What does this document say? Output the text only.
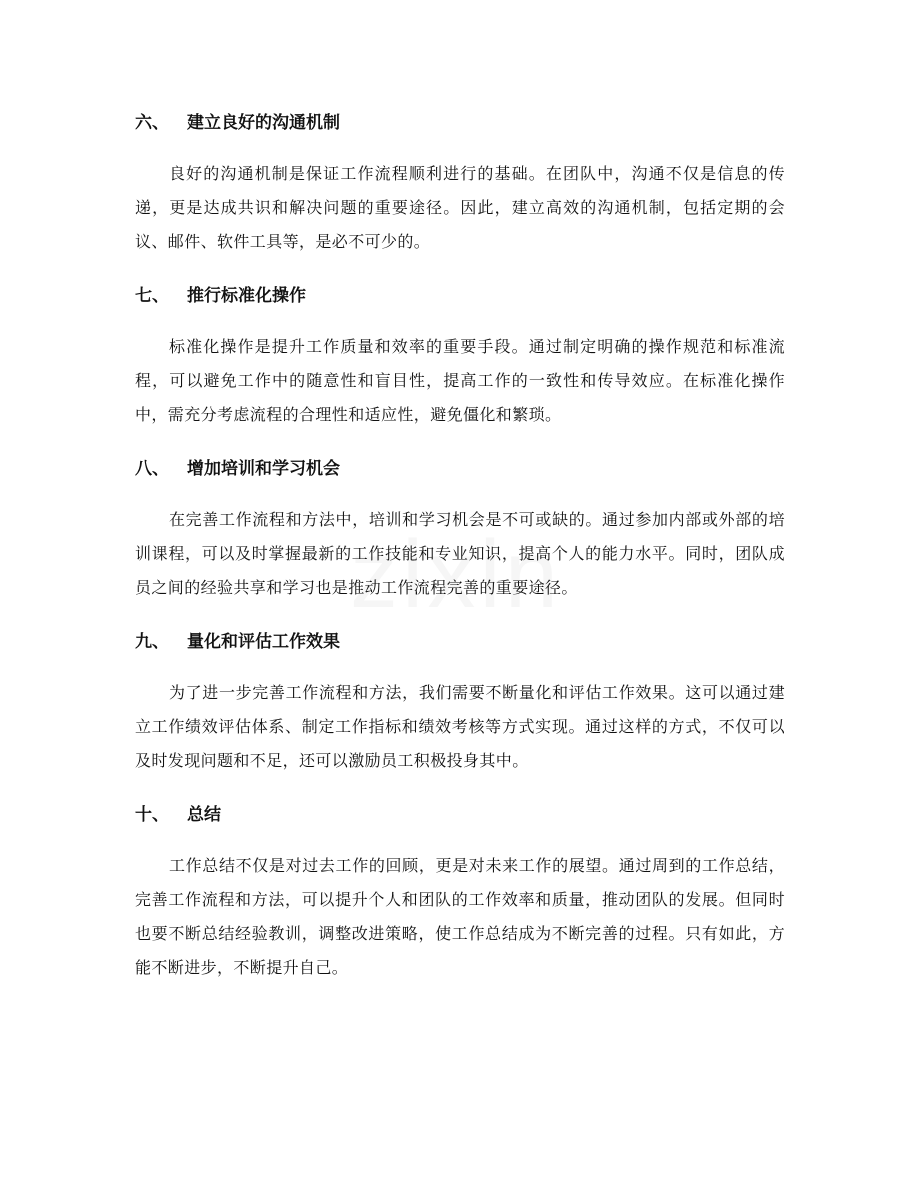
六、	建立良好的沟通机制

良好的沟通机制是保证工作流程顺利进行的基础。在团队中，沟通不仅是信息的传递，更是达成共识和解决问题的重要途径。因此，建立高效的沟通机制，包括定期的会议、邮件、软件工具等，是必不可少的。

七、	推行标准化操作

标准化操作是提升工作质量和效率的重要手段。通过制定明确的操作规范和标准流程，可以避免工作中的随意性和盲目性，提高工作的一致性和传导效应。在标准化操作中，需充分考虑流程的合理性和适应性，避免僵化和繁琐。

八、	增加培训和学习机会

在完善工作流程和方法中，培训和学习机会是不可或缺的。通过参加内部或外部的培训课程，可以及时掌握最新的工作技能和专业知识，提高个人的能力水平。同时，团队成员之间的经验共享和学习也是推动工作流程完善的重要途径。

九、	量化和评估工作效果

为了进一步完善工作流程和方法，我们需要不断量化和评估工作效果。这可以通过建立工作绩效评估体系、制定工作指标和绩效考核等方式实现。通过这样的方式，不仅可以及时发现问题和不足，还可以激励员工积极投身其中。

十、	总结

工作总结不仅是对过去工作的回顾，更是对未来工作的展望。通过周到的工作总结，完善工作流程和方法，可以提升个人和团队的工作效率和质量，推动团队的发展。但同时也要不断总结经验教训，调整改进策略，使工作总结成为不断完善的过程。只有如此，方能不断进步，不断提升自己。
